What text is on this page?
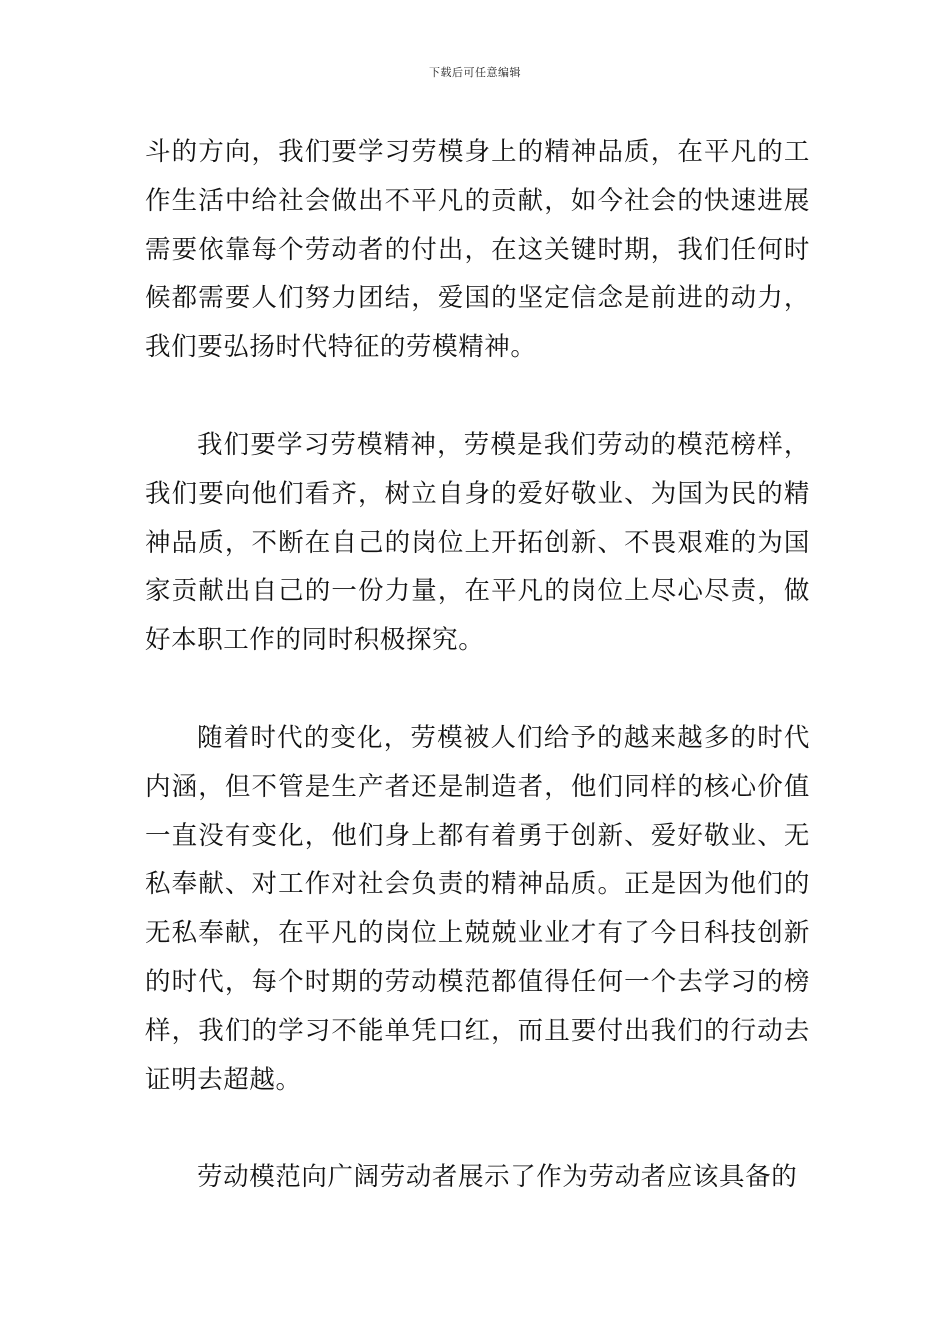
下载后可任意编辑

斗的方向，我们要学习劳模身上的精神品质，在平凡的工作生活中给社会做出不平凡的贡献，如今社会的快速进展需要依靠每个劳动者的付出，在这关键时期，我们任何时候都需要人们努力团结，爱国的坚定信念是前进的动力，我们要弘扬时代特征的劳模精神。

我们要学习劳模精神，劳模是我们劳动的模范榜样，我们要向他们看齐，树立自身的爱好敬业、为国为民的精神品质，不断在自己的岗位上开拓创新、不畏艰难的为国家贡献出自己的一份力量，在平凡的岗位上尽心尽责，做好本职工作的同时积极探究。

随着时代的变化，劳模被人们给予的越来越多的时代内涵，但不管是生产者还是制造者，他们同样的核心价值一直没有变化，他们身上都有着勇于创新、爱好敬业、无私奉献、对工作对社会负责的精神品质。正是因为他们的无私奉献，在平凡的岗位上兢兢业业才有了今日科技创新的时代，每个时期的劳动模范都值得任何一个去学习的榜样，我们的学习不能单凭口红，而且要付出我们的行动去证明去超越。

劳动模范向广阔劳动者展示了作为劳动者应该具备的
